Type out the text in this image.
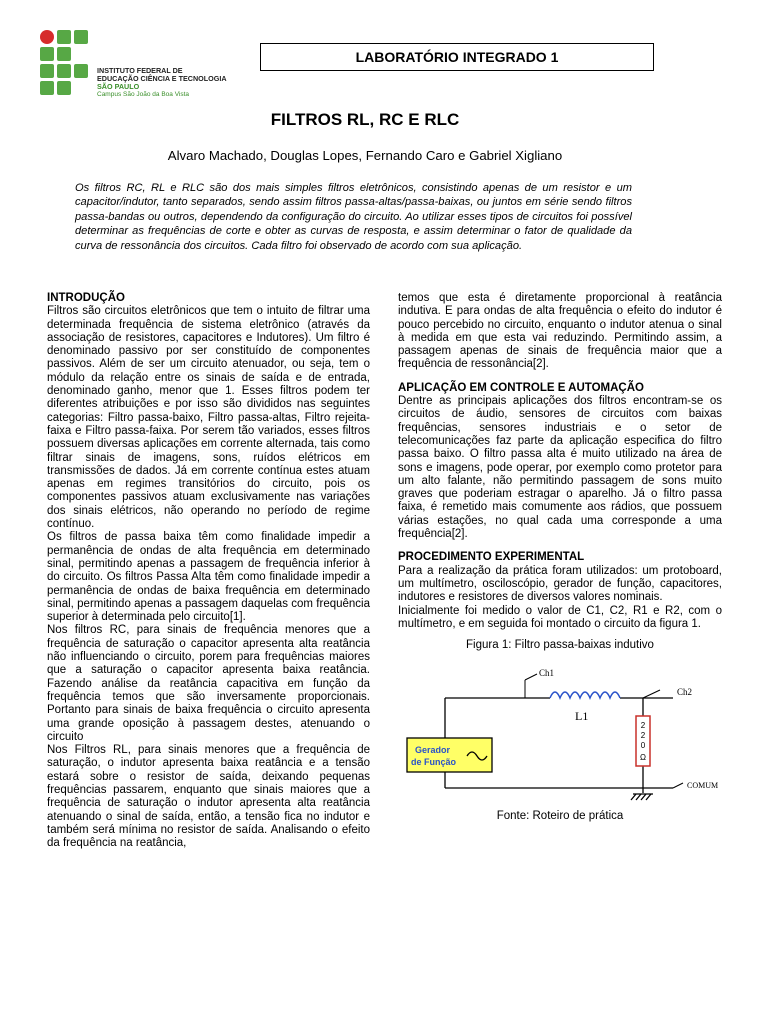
INSTITUTO FEDERAL DE
EDUCAÇÃO CIÊNCIA E TECNOLOGIA
SÃO PAULO
Campus São João da Boa Vista
LABORATÓRIO INTEGRADO 1
FILTROS RL, RC E RLC
Alvaro Machado, Douglas Lopes, Fernando Caro e Gabriel Xigliano
Os filtros RC, RL e RLC são dos mais simples filtros eletrônicos, consistindo apenas de um resistor e um capacitor/indutor, tanto separados, sendo assim filtros passa-altas/passa-baixas, ou juntos em série sendo filtros passa-bandas ou outros, dependendo da configuração do circuito. Ao utilizar esses tipos de circuitos foi possível determinar as frequências de corte e obter as curvas de resposta, e assim determinar o fator de qualidade da curva de ressonância dos circuitos. Cada filtro foi observado de acordo com sua aplicação.
INTRODUÇÃO

Filtros são circuitos eletrônicos que tem o intuito de filtrar uma determinada frequência de sistema eletrônico (através da associação de resistores, capacitores e Indutores). Um filtro é denominado passivo por ser constituído de componentes passivos. Além de ser um circuito atenuador, ou seja, tem o módulo da relação entre os sinais de saída e de entrada, denominado ganho, menor que 1. Esses filtros podem ter diferentes atribuições e por isso são divididos nas seguintes categorias: Filtro passa-baixo, Filtro passa-altas, Filtro rejeita-faixa e Filtro passa-faixa. Por serem tão variados, esses filtros possuem diversas aplicações em corrente alternada, tais como filtrar sinais de imagens, sons, ruídos elétricos em transmissões de dados. Já em corrente contínua estes atuam apenas em regimes transitórios do circuito, pois os componentes passivos atuam exclusivamente nas variações dos sinais elétricos, não operando no período de regime contínuo.

Os filtros de passa baixa têm como finalidade impedir a permanência de ondas de alta frequência em determinado sinal, permitindo apenas a passagem de frequência inferior à do circuito. Os filtros Passa Alta têm como finalidade impedir a permanência de ondas de baixa frequência em determinado sinal, permitindo apenas a passagem daquelas com frequência superior à determinada pelo circuito[1].

Nos filtros RC, para sinais de frequência menores que a frequência de saturação o capacitor apresenta alta reatância não influenciando o circuito, porem para frequências maiores que a saturação o capacitor apresenta baixa reatância. Fazendo análise da reatância capacitiva em função da frequência temos que são inversamente proporcionais. Portanto para sinais de baixa frequência o circuito apresenta uma grande oposição à passagem destes, atenuando o circuito

Nos Filtros RL, para sinais menores que a frequência de saturação, o indutor apresenta baixa reatância e a tensão estará sobre o resistor de saída, deixando pequenas frequências passarem, enquanto que sinais maiores que a frequência de saturação o indutor apresenta alta reatância atenuando o sinal de saída, então, a tensão fica no indutor e também será mínima no resistor de saída. Analisando o efeito da frequência na reatância,

temos que esta é diretamente proporcional à reatância indutiva. E para ondas de alta frequência o efeito do indutor é pouco percebido no circuito, enquanto o indutor atenua o sinal à medida em que esta vai reduzindo. Permitindo assim, a passagem apenas de sinais de frequência maior que a frequência de ressonância[2].

APLICAÇÃO EM CONTROLE E AUTOMAÇÃO

Dentre as principais aplicações dos filtros encontram-se os circuitos de áudio, sensores de circuitos com baixas frequências, sensores industriais e o setor de telecomunicações faz parte da aplicação especifica do filtro passa baixo. O filtro passa alta é muito utilizado na área de sons e imagens, pode operar, por exemplo como protetor para um alto falante, não permitindo passagem de sons muito graves que poderiam estragar o aparelho. Já o filtro passa faixa, é remetido mais comumente aos rádios, que possuem várias estações, no qual cada uma corresponde a uma frequência[2].

PROCEDIMENTO EXPERIMENTAL

Para a realização da prática foram utilizados: um protoboard, um multímetro, osciloscópio, gerador de função, capacitores, indutores e resistores de diversos valores nominais.

Inicialmente foi medido o valor de C1, C2, R1 e R2, com o multímetro, e em seguida foi montado o circuito da figura 1.

Figura 1: Filtro passa-baixas indutivo
Ch1
Ch2
COMUM
L1
2
2
0
Ω
Gerador
de Função
Fonte: Roteiro de prática
